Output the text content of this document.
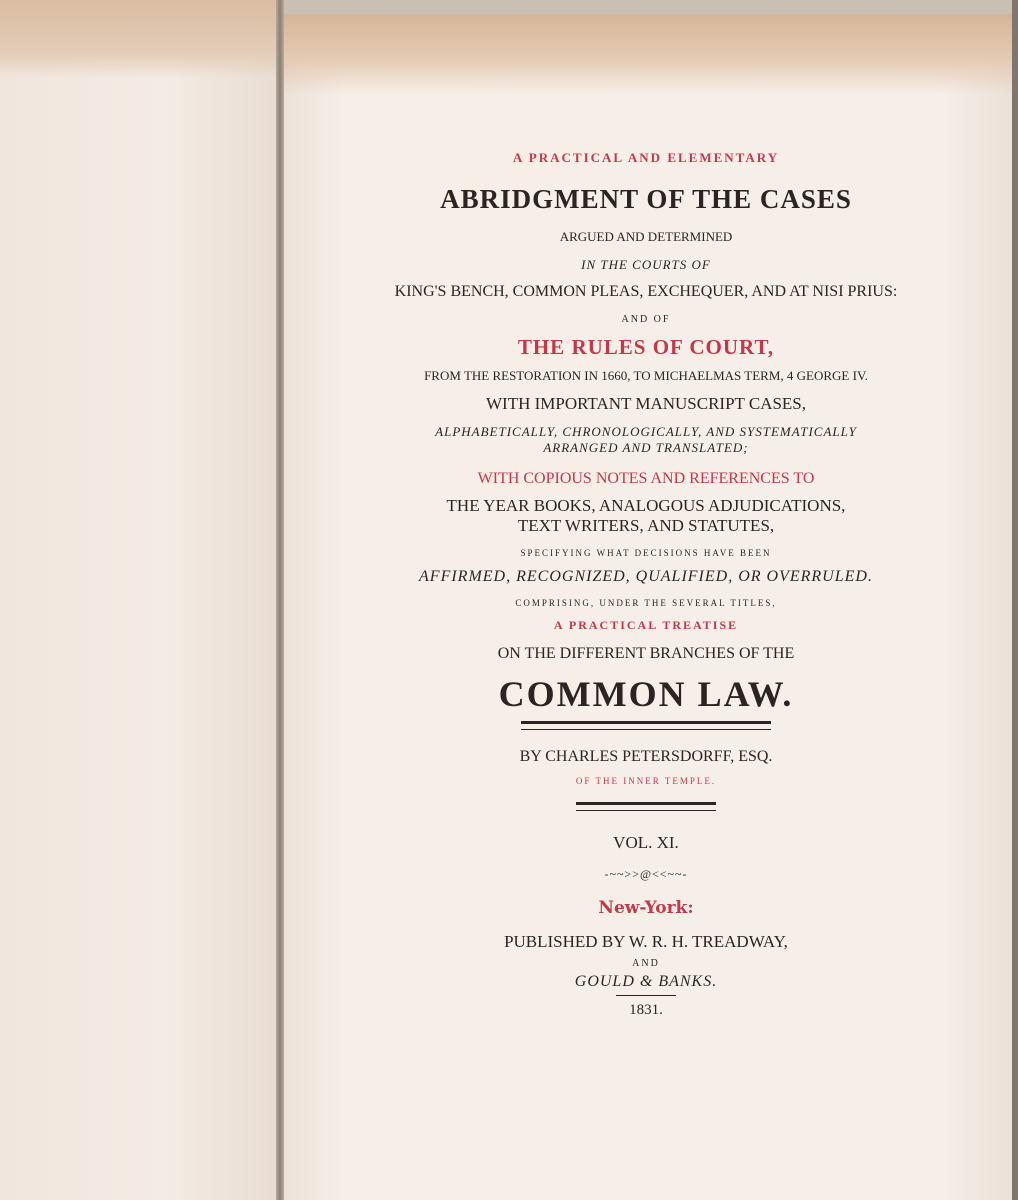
A PRACTICAL AND ELEMENTARY
ABRIDGMENT OF THE CASES
ARGUED AND DETERMINED
IN THE COURTS OF
KING'S BENCH, COMMON PLEAS, EXCHEQUER, AND AT NISI PRIUS:
AND OF
THE RULES OF COURT,
FROM THE RESTORATION IN 1660, TO MICHAELMAS TERM, 4 GEORGE IV.
WITH IMPORTANT MANUSCRIPT CASES,
ALPHABETICALLY, CHRONOLOGICALLY, AND SYSTEMATICALLY
ARRANGED AND TRANSLATED;
WITH COPIOUS NOTES AND REFERENCES TO
THE YEAR BOOKS, ANALOGOUS ADJUDICATIONS,
TEXT WRITERS, AND STATUTES,
SPECIFYING WHAT DECISIONS HAVE BEEN
AFFIRMED, RECOGNIZED, QUALIFIED, OR OVERRULED.
COMPRISING, UNDER THE SEVERAL TITLES,
A PRACTICAL TREATISE
ON THE DIFFERENT BRANCHES OF THE
COMMON LAW.
BY CHARLES PETERSDORFF, ESQ.
OF THE INNER TEMPLE.
VOL. XI.
-~~>>@<<~~-
New-York:
PUBLISHED BY W. R. H. TREADWAY,
AND
GOULD & BANKS.
1831.
